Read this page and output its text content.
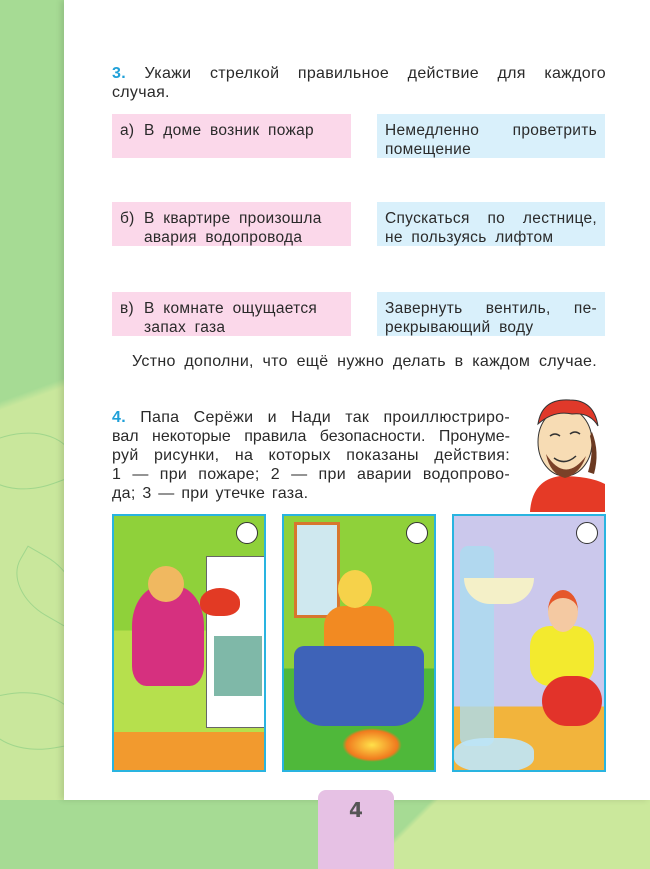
3. Укажи стрелкой правильное действие для каждого случая.
а) В доме возник пожар	Немедленно проветрить
помещение
б) В квартире произошла
авария водопровода
Спускаться по лестнице,
не пользуясь лифтом
в) В комнате ощущается
запах газа
Завернуть вентиль, пе-
рекрывающий воду
Устно дополни, что ещё нужно делать в каждом случае.
4. Папа Серёжи и Нади так проиллюстриро-
вал некоторые правила безопасности. Пронуме-
руй рисунки, на которых показаны действия:
1 — при пожаре; 2 — при аварии водопрово-
да; 3 — при утечке газа.
4
